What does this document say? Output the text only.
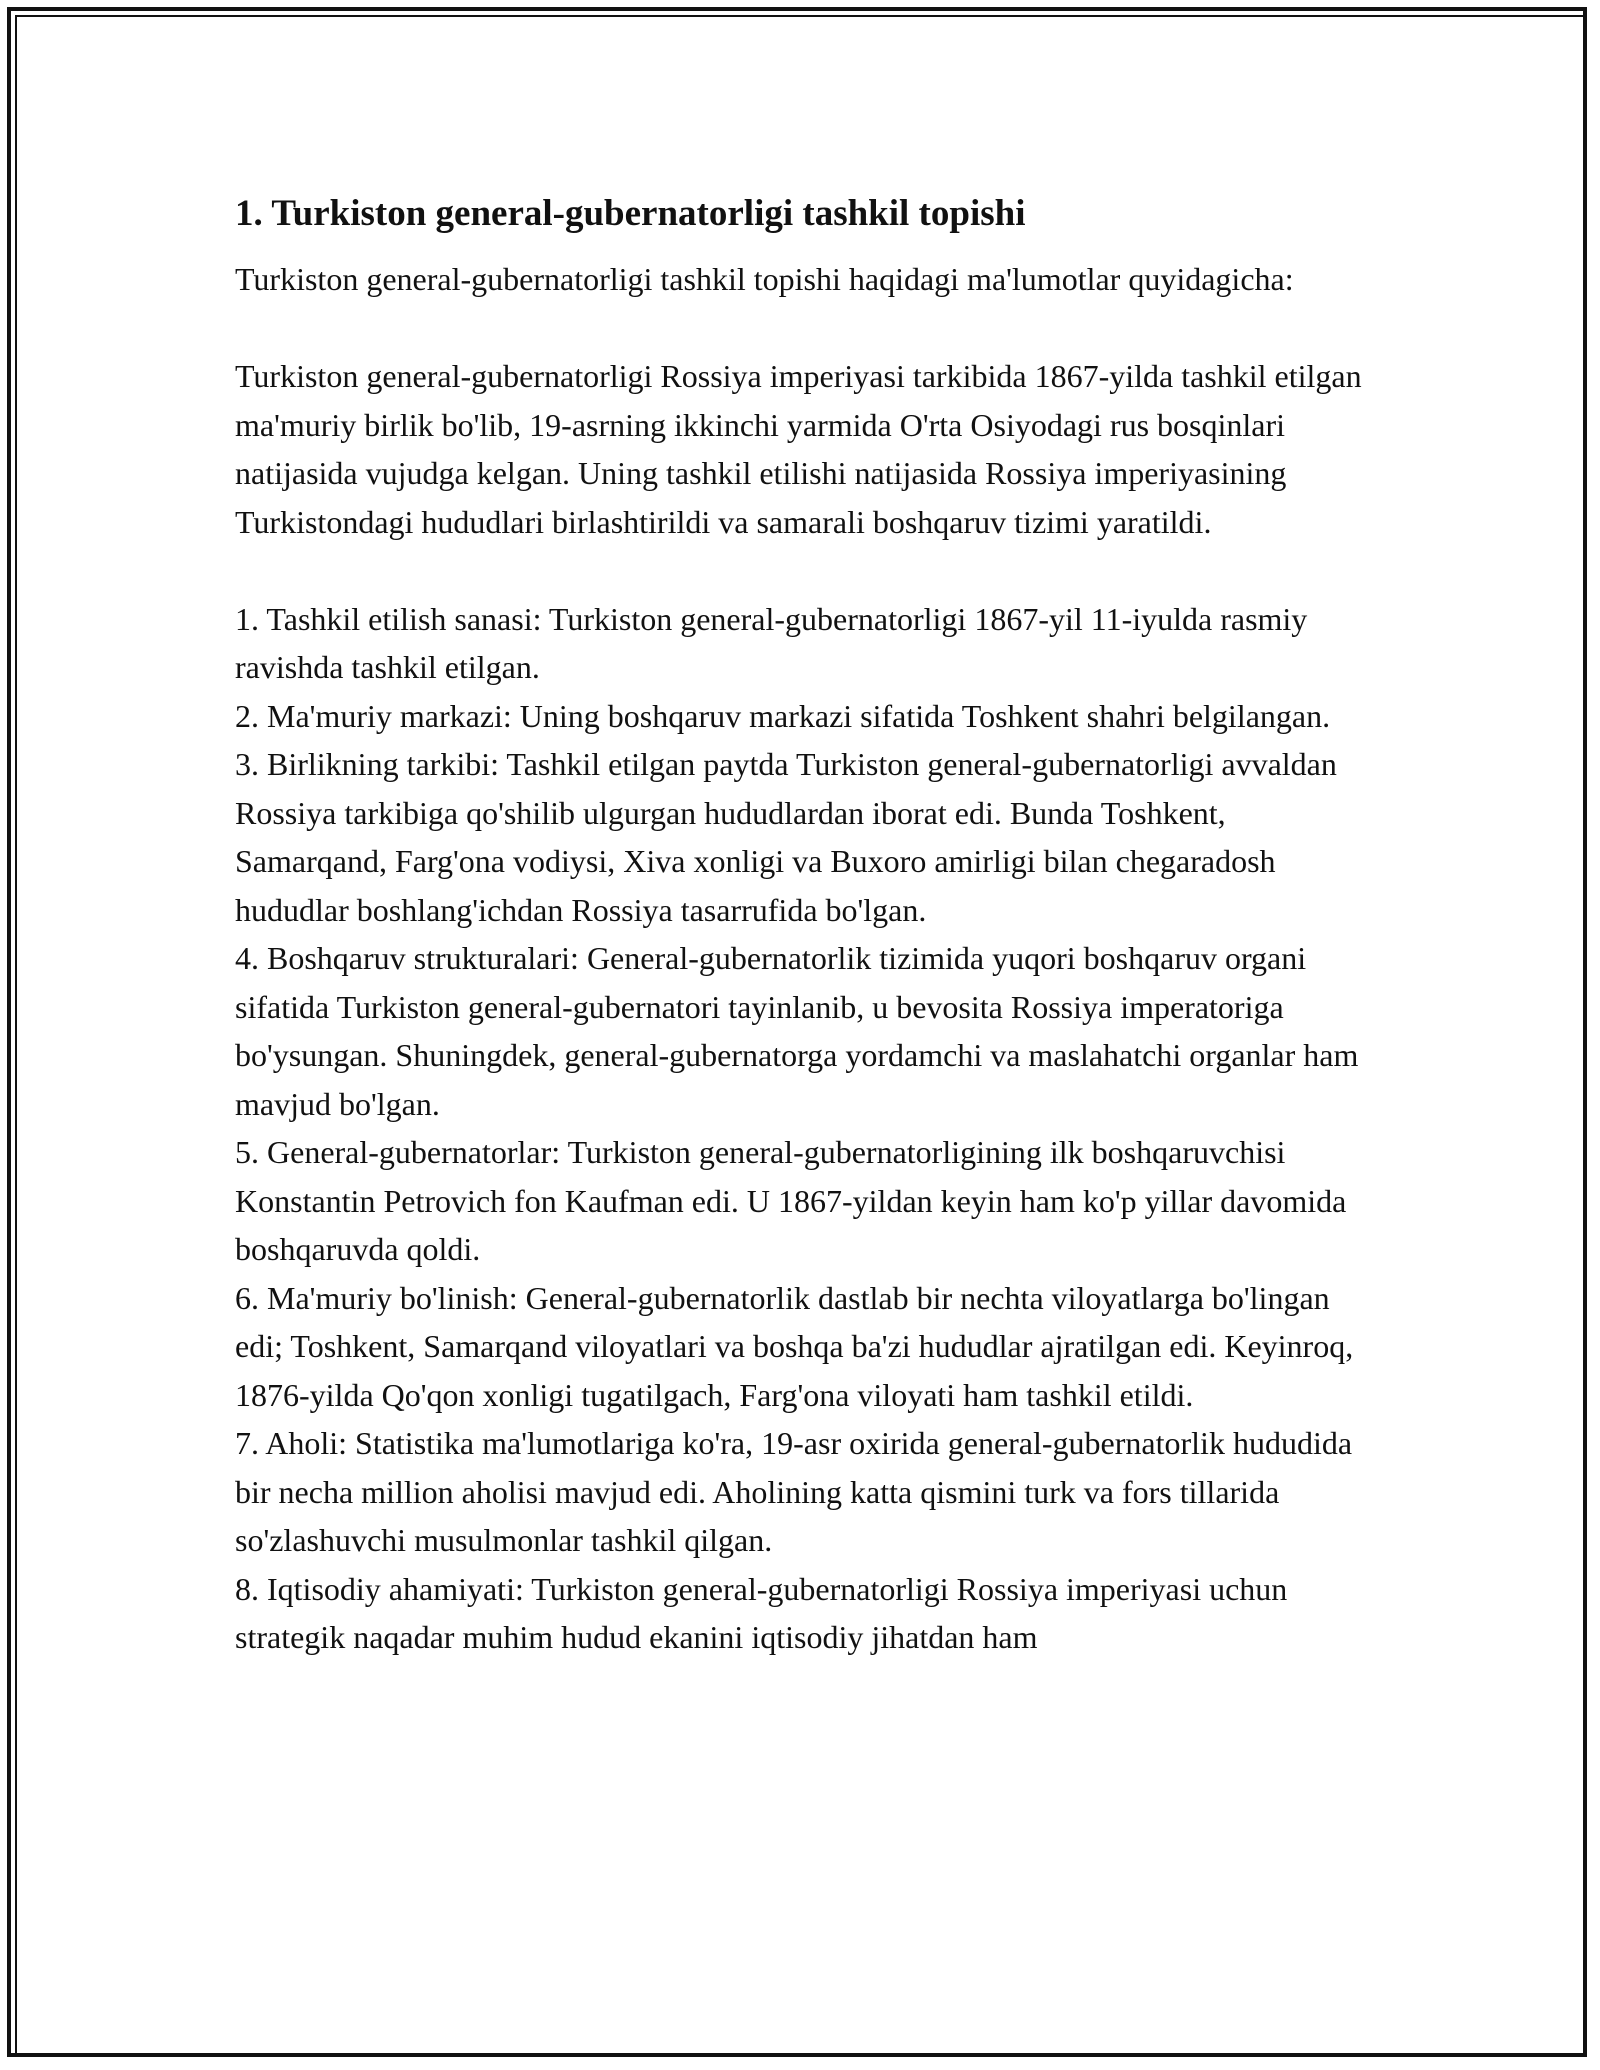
1. Turkiston general-gubernatorligi tashkil topishi

Turkiston general-gubernatorligi tashkil topishi haqidagi ma'lumotlar quyidagicha:

Turkiston general-gubernatorligi Rossiya imperiyasi tarkibida 1867-yilda tashkil etilgan ma'muriy birlik bo'lib, 19-asrning ikkinchi yarmida O'rta Osiyodagi rus bosqinlari natijasida vujudga kelgan. Uning tashkil etilishi natijasida Rossiya imperiyasining Turkistondagi hududlari birlashtirildi va samarali boshqaruv tizimi yaratildi.

1. Tashkil etilish sanasi: Turkiston general-gubernatorligi 1867-yil 11-iyulda rasmiy ravishda tashkil etilgan.

2. Ma'muriy markazi: Uning boshqaruv markazi sifatida Toshkent shahri belgilangan.

3. Birlikning tarkibi: Tashkil etilgan paytda Turkiston general-gubernatorligi avvaldan Rossiya tarkibiga qo'shilib ulgurgan hududlardan iborat edi. Bunda Toshkent, Samarqand, Farg'ona vodiysi, Xiva xonligi va Buxoro amirligi bilan chegaradosh hududlar boshlang'ichdan Rossiya tasarrufida bo'lgan.

4. Boshqaruv strukturalari: General-gubernatorlik tizimida yuqori boshqaruv organi sifatida Turkiston general-gubernatori tayinlanib, u bevosita Rossiya imperatoriga bo'ysungan. Shuningdek, general-gubernatorga yordamchi va maslahatchi organlar ham mavjud bo'lgan.

5. General-gubernatorlar: Turkiston general-gubernatorligining ilk boshqaruvchisi Konstantin Petrovich fon Kaufman edi. U 1867-yildan keyin ham ko'p yillar davomida boshqaruvda qoldi.

6. Ma'muriy bo'linish: General-gubernatorlik dastlab bir nechta viloyatlarga bo'lingan edi; Toshkent, Samarqand viloyatlari va boshqa ba'zi hududlar ajratilgan edi. Keyinroq, 1876-yilda Qo'qon xonligi tugatilgach, Farg'ona viloyati ham tashkil etildi.

7. Aholi: Statistika ma'lumotlariga ko'ra, 19-asr oxirida general-gubernatorlik hududida bir necha million aholisi mavjud edi. Aholining katta qismini turk va fors tillarida so'zlashuvchi musulmonlar tashkil qilgan.

8. Iqtisodiy ahamiyati: Turkiston general-gubernatorligi Rossiya imperiyasi uchun strategik naqadar muhim hudud ekanini iqtisodiy jihatdan ham
